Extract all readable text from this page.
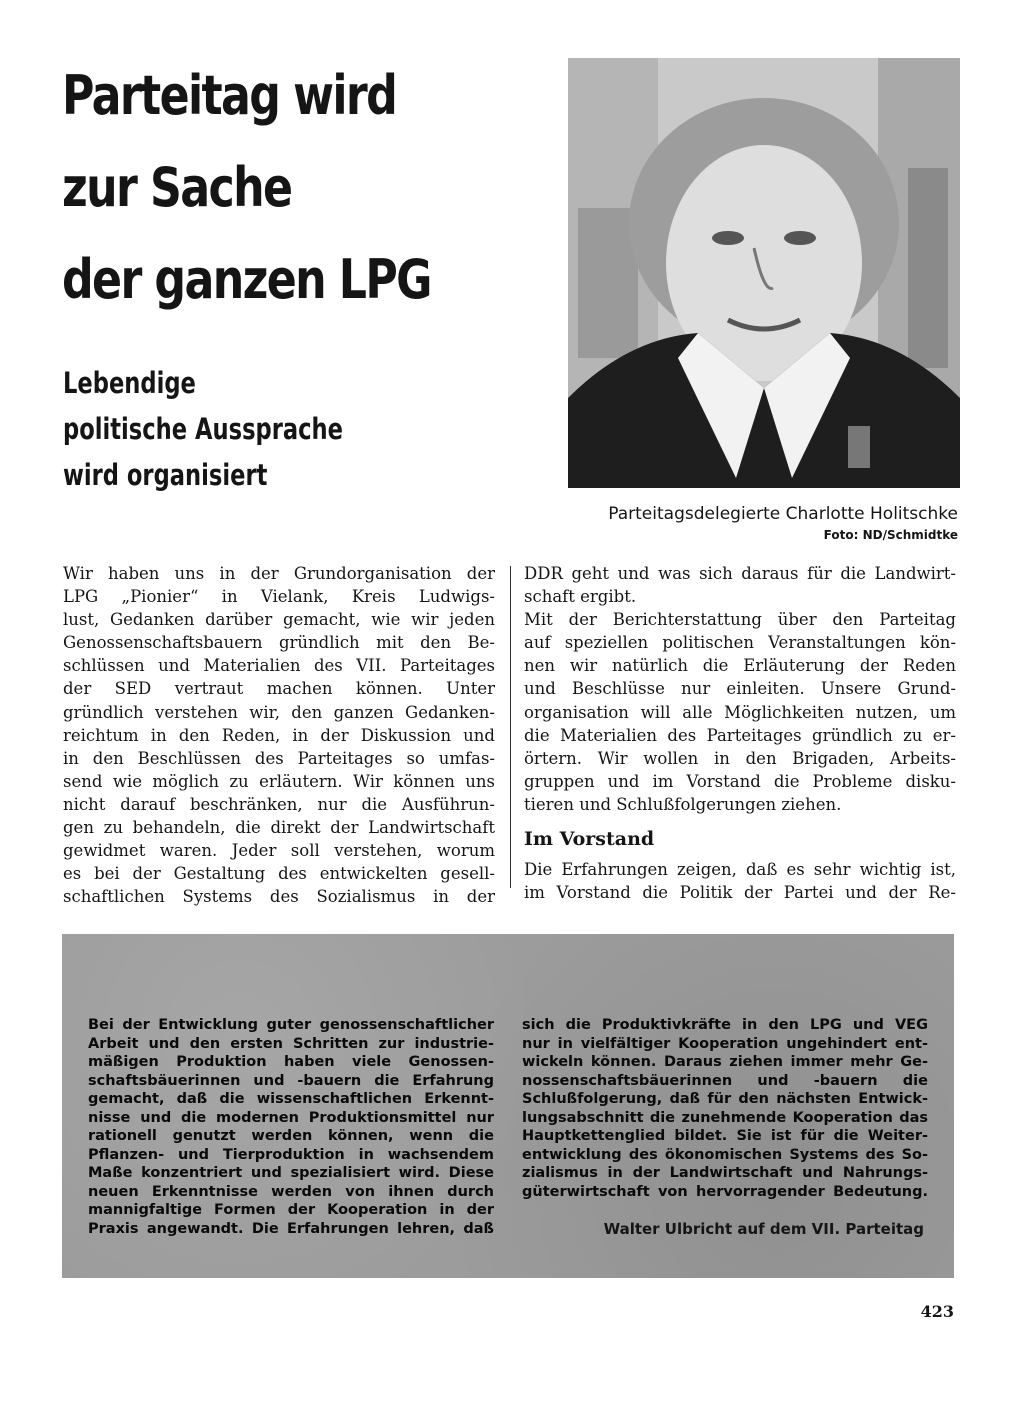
Parteitag wird
zur Sache
der ganzen LPG
Lebendige
politische Aussprache
wird organisiert
Parteitagsdelegierte Charlotte Holitschke
Foto: ND/Schmidtke

Wir haben uns in der Grundorganisation der
LPG „Pionier“ in Vielank, Kreis Ludwigs-
lust, Gedanken darüber gemacht, wie wir jeden
Genossenschaftsbauern gründlich mit den Be-
schlüssen und Materialien des VII. Parteitages
der SED vertraut machen können. Unter
gründlich verstehen wir, den ganzen Gedanken-
reichtum in den Reden, in der Diskussion und
in den Beschlüssen des Parteitages so umfas-
send wie möglich zu erläutern. Wir können uns
nicht darauf beschränken, nur die Ausführun-
gen zu behandeln, die direkt der Landwirtschaft
gewidmet waren. Jeder soll verstehen, worum
es bei der Gestaltung des entwickelten gesell-
schaftlichen Systems des Sozialismus in der

DDR geht und was sich daraus für die Landwirt-
schaft ergibt.

Mit der Berichterstattung über den Parteitag
auf speziellen politischen Veranstaltungen kön-
nen wir natürlich die Erläuterung der Reden
und Beschlüsse nur einleiten. Unsere Grund-
organisation will alle Möglichkeiten nutzen, um
die Materialien des Parteitages gründlich zu er-
örtern. Wir wollen in den Brigaden, Arbeits-
gruppen und im Vorstand die Probleme disku-
tieren und Schlußfolgerungen ziehen.

Im Vorstand

Die Erfahrungen zeigen, daß es sehr wichtig ist,
im Vorstand die Politik der Partei und der Re-

Bei der Entwicklung guter genossenschaftlicher
Arbeit und den ersten Schritten zur industrie-
mäßigen Produktion haben viele Genossen-
schaftsbäuerinnen und -bauern die Erfahrung
gemacht, daß die wissenschaftlichen Erkennt-
nisse und die modernen Produktionsmittel nur
rationell genutzt werden können, wenn die
Pflanzen- und Tierproduktion in wachsendem
Maße konzentriert und spezialisiert wird. Diese
neuen Erkenntnisse werden von ihnen durch
mannigfaltige Formen der Kooperation in der
Praxis angewandt. Die Erfahrungen lehren, daß
sich die Produktivkräfte in den LPG und VEG
nur in vielfältiger Kooperation ungehindert ent-
wickeln können. Daraus ziehen immer mehr Ge-
nossenschaftsbäuerinnen und -bauern die
Schlußfolgerung, daß für den nächsten Entwick-
lungsabschnitt die zunehmende Kooperation das
Hauptkettenglied bildet. Sie ist für die Weiter-
entwicklung des ökonomischen Systems des So-
zialismus in der Landwirtschaft und Nahrungs-
güterwirtschaft von hervorragender Bedeutung.
Walter Ulbricht auf dem VII. Parteitag
423
